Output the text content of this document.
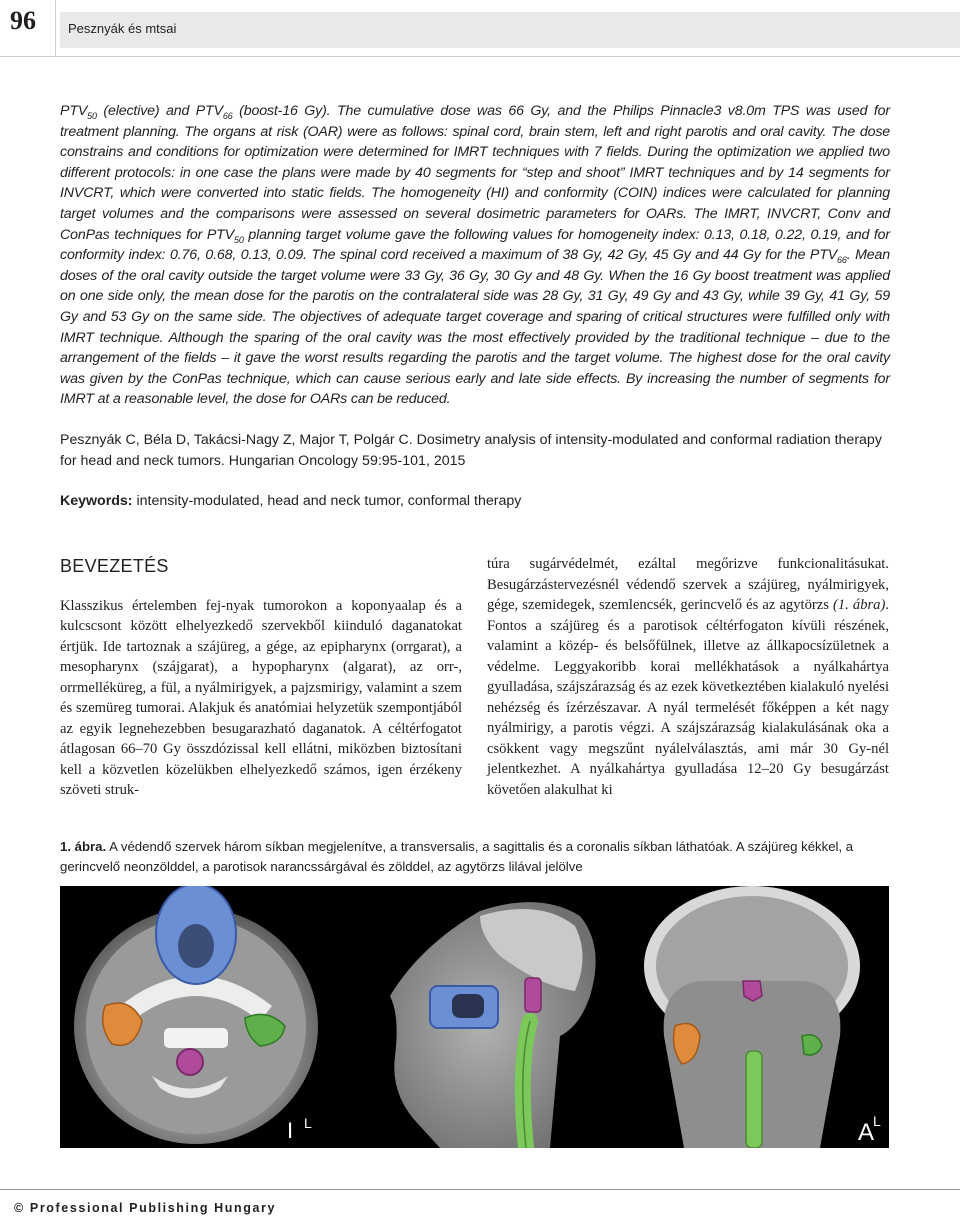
96 Pesznyák és mtsai
$PTV_{50}$ (elective) and $PTV_{66}$ (boost-16 Gy). The cumulative dose was 66 Gy, and the Philips Pinnacle3 v8.0m TPS was used for treatment planning. The organs at risk (OAR) were as follows: spinal cord, brain stem, left and right parotis and oral cavity. The dose constrains and conditions for optimization were determined for IMRT techniques with 7 fields. During the optimization we applied two different protocols: in one case the plans were made by 40 segments for “step and shoot” IMRT techniques and by 14 segments for INVCRT, which were converted into static fields. The homogeneity (HI) and conformity (COIN) indices were calculated for planning target volumes and the comparisons were assessed on several dosimetric parameters for OARs. The IMRT, INVCRT, Conv and ConPas techniques for $PTV_{50}$ planning target volume gave the following values for homogeneity index: 0.13, 0.18, 0.22, 0.19, and for conformity index: 0.76, 0.68, 0.13, 0.09. The spinal cord received a maximum of 38 Gy, 42 Gy, 45 Gy and 44 Gy for the $PTV_{66}$. Mean doses of the oral cavity outside the target volume were 33 Gy, 36 Gy, 30 Gy and 48 Gy. When the 16 Gy boost treatment was applied on one side only, the mean dose for the parotis on the contralateral side was 28 Gy, 31 Gy, 49 Gy and 43 Gy, while 39 Gy, 41 Gy, 59 Gy and 53 Gy on the same side. The objectives of adequate target coverage and sparing of critical structures were fulfilled only with IMRT technique. Although the sparing of the oral cavity was the most effectively provided by the traditional technique – due to the arrangement of the fields – it gave the worst results regarding the parotis and the target volume. The highest dose for the oral cavity was given by the ConPas technique, which can cause serious early and late side effects. By increasing the number of segments for IMRT at a reasonable level, the dose for OARs can be reduced.
Pesznyák C, Béla D, Takácsi-Nagy Z, Major T, Polgár C. Dosimetry analysis of intensity-modulated and conformal radiation therapy for head and neck tumors. Hungarian Oncology 59:95-101, 2015
Keywords: intensity-modulated, head and neck tumor, conformal therapy
BEVEZETÉS

Klasszikus értelemben fej-nyak tumorokon a koponyaalap és a kulcscsont között elhelyezkedő szervekből kiinduló daganatokat értjük. Ide tartoznak a szájüreg, a gége, az epipharynx (orrgarat), a mesopharynx (szájgarat), a hypopharynx (algarat), az orr-, orrmelléküreg, a fül, a nyálmirigyek, a pajzsmirigy, valamint a szem és szemüreg tumorai. Alakjuk és anatómiai helyzetük szempontjából az egyik legnehezebben besugarazható daganatok. A céltérfogatot átlagosan 66–70 Gy összdózissal kell ellátni, miközben biztosítani kell a közvetlen közelükben elhelyezkedő számos, igen érzékeny szöveti struk-

túra sugárvédelmét, ezáltal megőrizve funkcionalitásukat. Besugárzástervezésnél védendő szervek a szájüreg, nyálmirigyek, gége, szemidegek, szemlencsék, gerincvelő és az agytörzs (1. ábra). Fontos a szájüreg és a parotisok céltérfogaton kívüli részének, valamint a közép- és belsőfülnek, illetve az állkapocsízületnek a védelme. Leggyakoribb korai mellékhatások a nyálkahártya gyulladása, szájszárazság és az ezek következtében kialakuló nyelési nehézség és ízérzészavar. A nyál termelését főképpen a két nagy nyálmirigy, a parotis végzi. A szájszárazság kialakulásának oka a csökkent vagy megszűnt nyálelválasztás, ami már 30 Gy-nél jelentkezhet. A nyálkahártya gyulladása 12–20 Gy besugárzást követően alakulhat ki

1. ábra. A védendő szervek három síkban megjelenítve, a transversalis, a sagittalis és a coronalis síkban láthatóak. A szájüreg kékkel, a gerincvelő neonzölddel, a parotisok narancssárgával és zölddel, az agytörzs lilával jelölve
I L	A
L
© Professional Publishing Hungary
